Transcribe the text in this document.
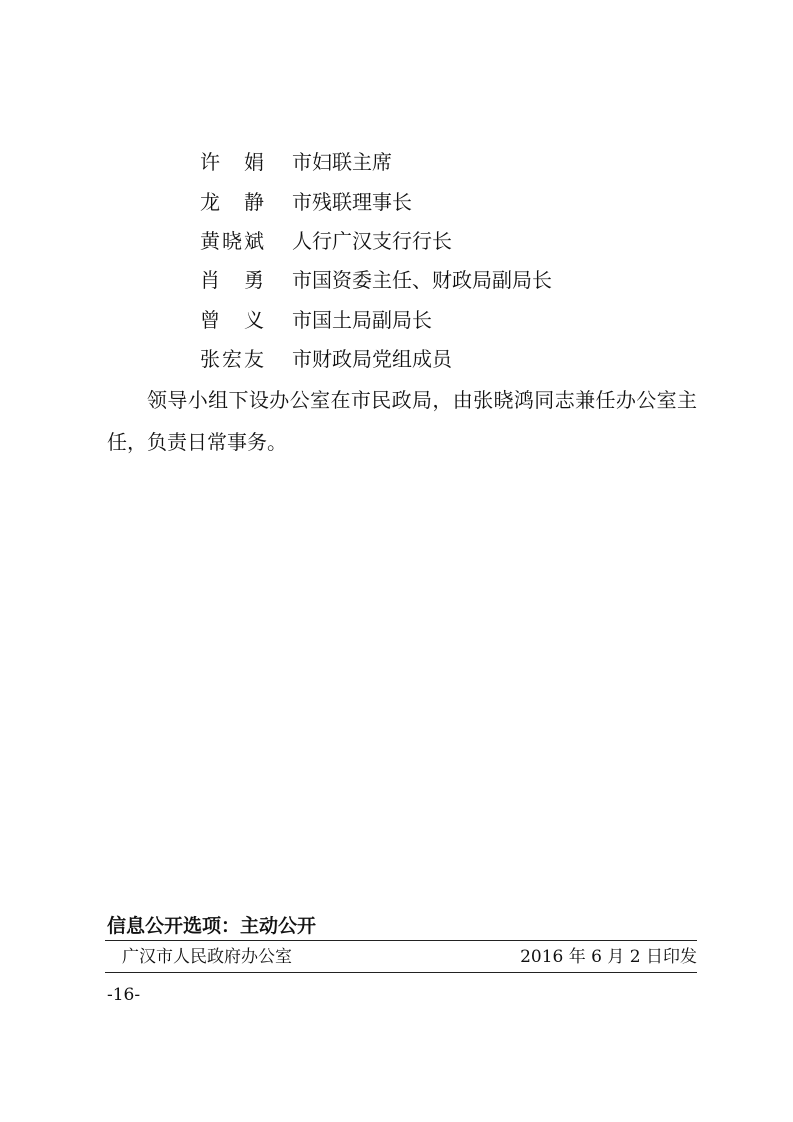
许娟 市妇联主席
龙静 市残联理事长
黄晓斌 人行广汉支行行长
肖勇 市国资委主任、财政局副局长
曾义 市国土局副局长
张宏友 市财政局党组成员

领导小组下设办公室在市民政局，由张晓鸿同志兼任办公室主任，负责日常事务。

信息公开选项：主动公开
广汉市人民政府办公室	2016 年 6 月 2 日印发
-16-
